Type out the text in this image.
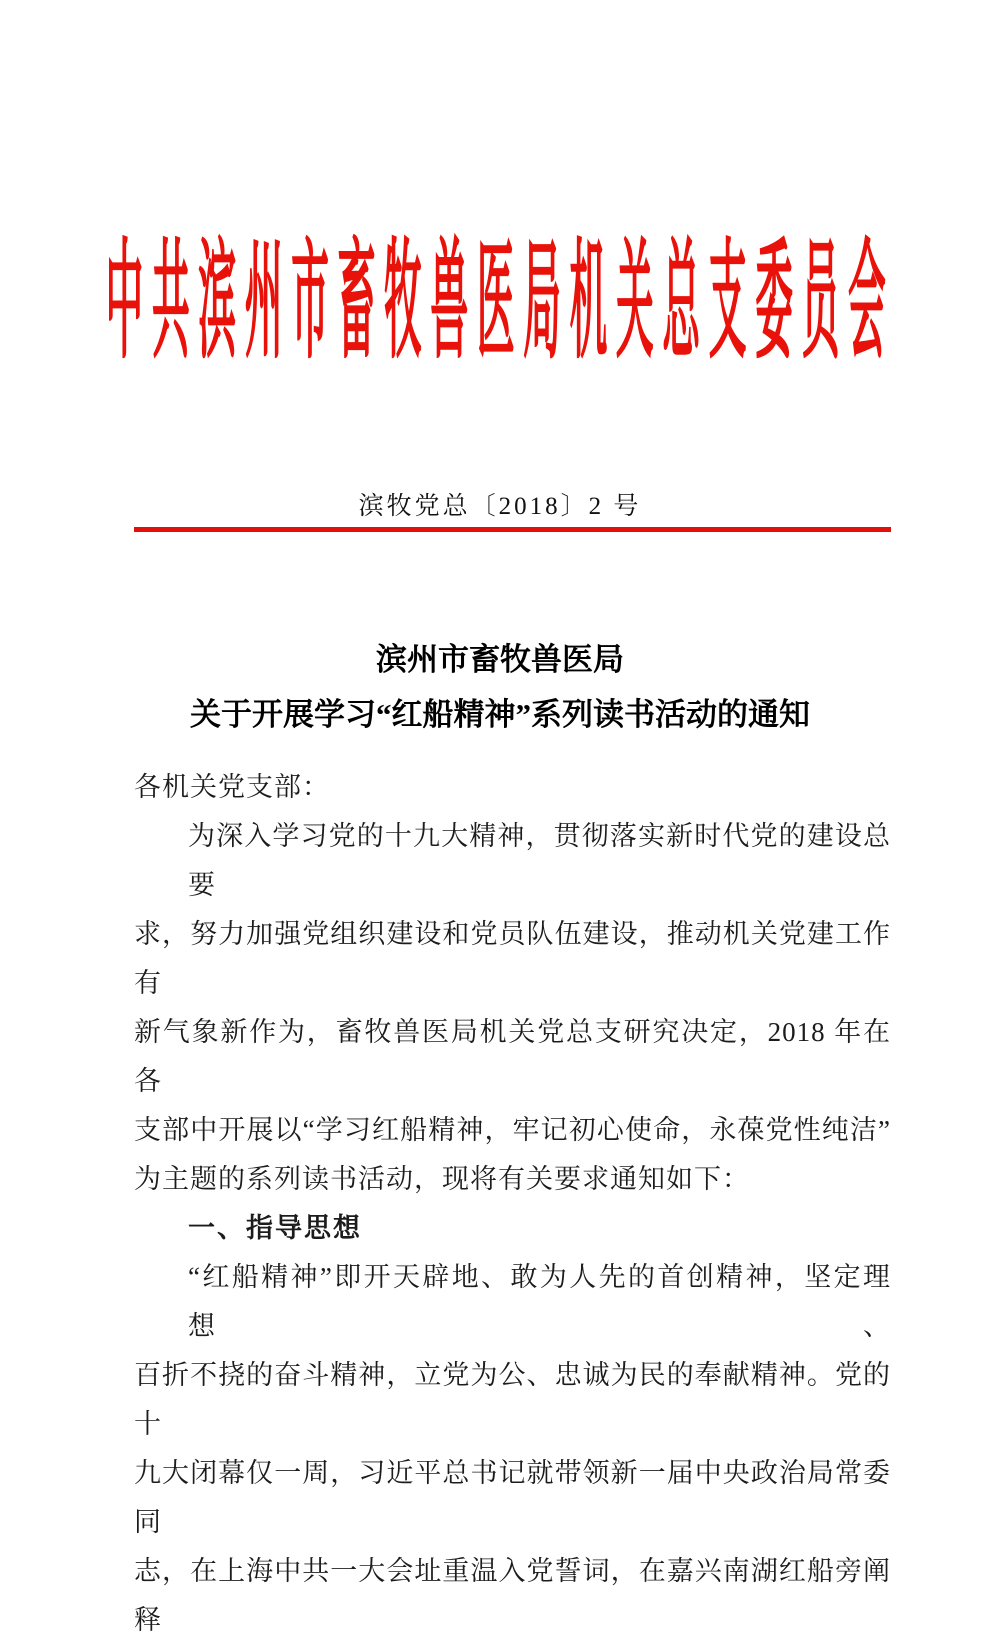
中共滨州市畜牧兽医局机关总支委员会
滨牧党总〔2018〕2 号
滨州市畜牧兽医局
关于开展学习“红船精神”系列读书活动的通知
各机关党支部：
为深入学习党的十九大精神，贯彻落实新时代党的建设总要
求，努力加强党组织建设和党员队伍建设，推动机关党建工作有
新气象新作为，畜牧兽医局机关党总支研究决定，2018 年在各
支部中开展以“学习红船精神，牢记初心使命，永葆党性纯洁”
为主题的系列读书活动，现将有关要求通知如下：
一、指导思想
“红船精神”即开天辟地、敢为人先的首创精神，坚定理想、
百折不挠的奋斗精神，立党为公、忠诚为民的奉献精神。党的十
九大闭幕仅一周，习近平总书记就带领新一届中央政治局常委同
志，在上海中共一大会址重温入党誓词，在嘉兴南湖红船旁阐释
